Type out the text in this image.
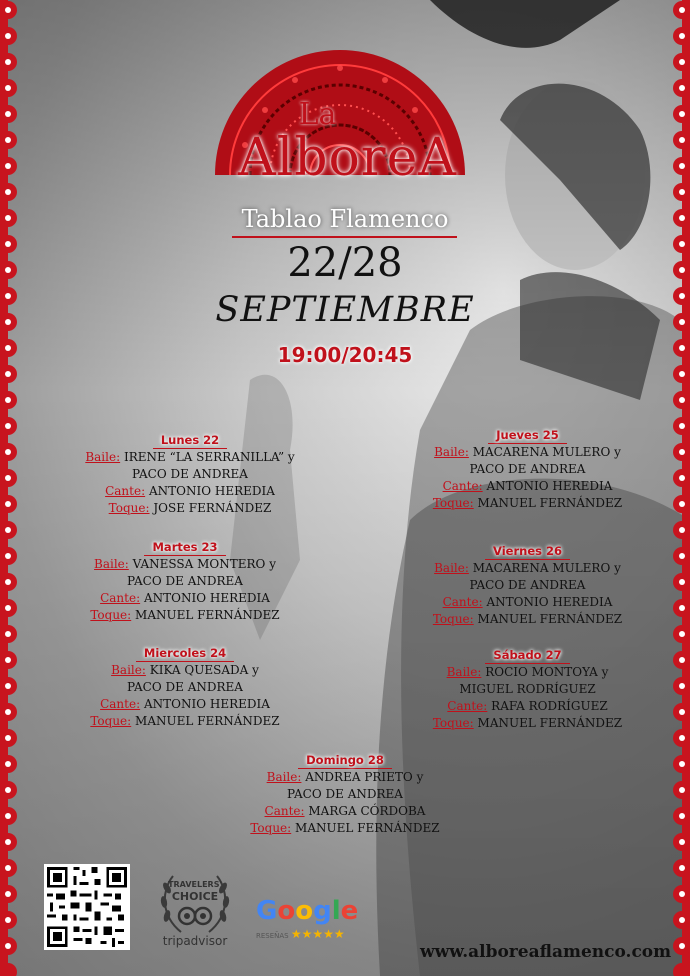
La
AlboreA
Tablao Flamenco
22/28
SEPTIEMBRE
19:00/20:45
Lunes 22
Baile: IRENE “LA SERRANILLA” y
PACO DE ANDREA
Cante: ANTONIO HEREDIA
Toque: JOSE FERNÁNDEZ
Martes 23
Baile: VANESSA MONTERO y
PACO DE ANDREA
Cante: ANTONIO HEREDIA
Toque: MANUEL FERNÁNDEZ
Miercoles 24
Baile: KIKA QUESADA y
PACO DE ANDREA
Cante: ANTONIO HEREDIA
Toque: MANUEL FERNÁNDEZ
Jueves 25
Baile: MACARENA MULERO y
PACO DE ANDREA
Cante: ANTONIO HEREDIA
Toque: MANUEL FERNÁNDEZ
Viernes 26
Baile: MACARENA MULERO y
PACO DE ANDREA
Cante: ANTONIO HEREDIA
Toque: MANUEL FERNÁNDEZ
Sábado 27
Baile: ROCIO MONTOYA y
MIGUEL RODRÍGUEZ
Cante: RAFA RODRÍGUEZ
Toque: MANUEL FERNÁNDEZ
Domingo 28
Baile: ANDREA PRIETO y
PACO DE ANDREA
Cante: MARGA CÓRDOBA
Toque: MANUEL FERNÁNDEZ
TRAVELERS'
CHOICE
tripadvisor
Google
RESEÑAS ★★★★★
www.alboreaflamenco.com
